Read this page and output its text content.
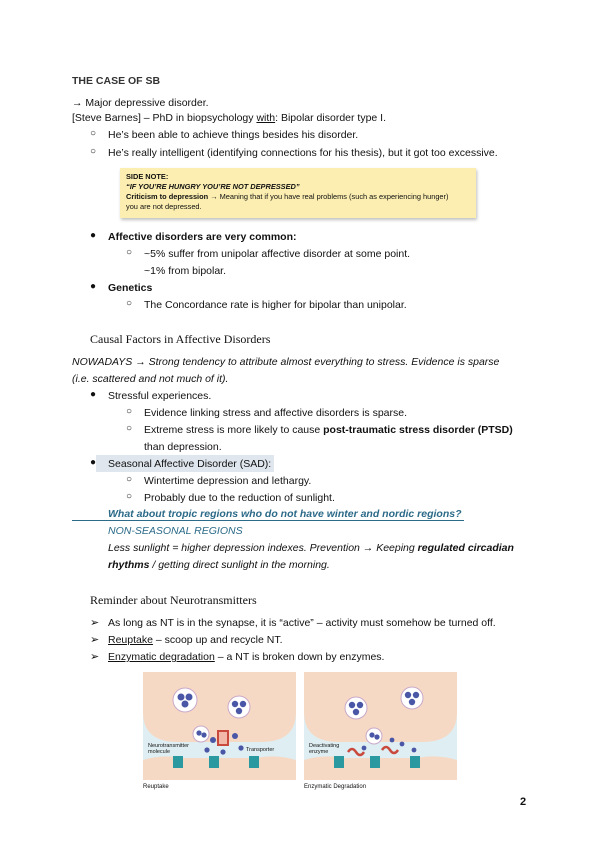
THE CASE OF SB
→ Major depressive disorder.
[Steve Barnes] – PhD in biopsychology with: Bipolar disorder type I.
○ He’s been able to achieve things besides his disorder.
○ He’s really intelligent (identifying connections for his thesis), but it got too excessive.
SIDE NOTE:
“IF YOU’RE HUNGRY YOU’RE NOT DEPRESSED”
Criticism to depression → Meaning that if you have real problems (such as experiencing hunger)
you are not depressed.
● Affective disorders are very common:
○ ~5% suffer from unipolar affective disorder at some point.
~1% from bipolar.
● Genetics
○ The Concordance rate is higher for bipolar than unipolar.
Causal Factors in Affective Disorders
NOWADAYS → Strong tendency to attribute almost everything to stress. Evidence is sparse
(i.e. scattered and not much of it).
● Stressful experiences.
○ Evidence linking stress and affective disorders is sparse.
○ Extreme stress is more likely to cause post-traumatic stress disorder (PTSD)
than depression.
● Seasonal Affective Disorder (SAD):
○ Wintertime depression and lethargy.
○ Probably due to the reduction of sunlight.
What about tropic regions who do not have winter and nordic regions?
NON-SEASONAL REGIONS
Less sunlight = higher depression indexes. Prevention → Keeping regulated circadian
rhythms / getting direct sunlight in the morning.
Reminder about Neurotransmitters
➢ As long as NT is in the synapse, it is “active” – activity must somehow be turned off.
➢ Reuptake – scoop up and recycle NT.
➢ Enzymatic degradation – a NT is broken down by enzymes.
Neurotransmitter molecule	Transporter
Reuptake
Deactivating enzyme
Enzymatic Degradation
2
